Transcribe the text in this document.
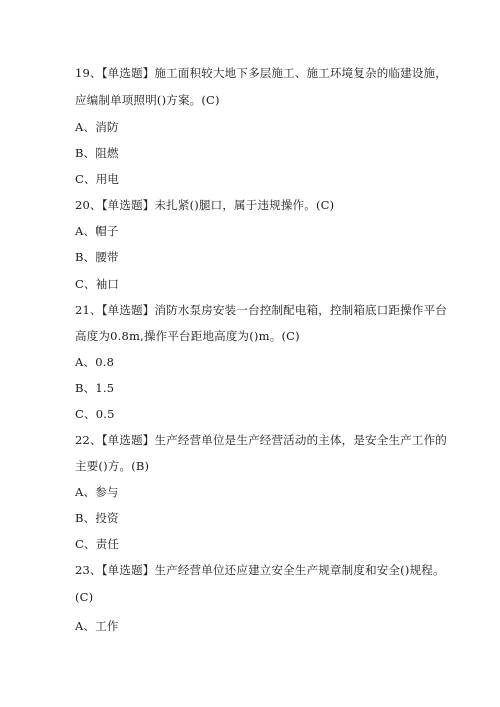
19、【单选题】施工面积较大地下多层施工、施工环境复杂的临建设施，
应编制单项照明()方案。(C)
A、消防
B、阻燃
C、用电
20、【单选题】未扎紧()腿口，属于违规操作。(C)
A、帽子
B、腰带
C、袖口
21、【单选题】消防水泵房安装一台控制配电箱，控制箱底口距操作平台
高度为0.8m,操作平台距地高度为()m。(C)
A、0.8
B、1.5
C、0.5
22、【单选题】生产经营单位是生产经营活动的主体，是安全生产工作的
主要()方。(B)
A、参与
B、投资
C、责任
23、【单选题】生产经营单位还应建立安全生产规章制度和安全()规程。
(C)
A、工作
